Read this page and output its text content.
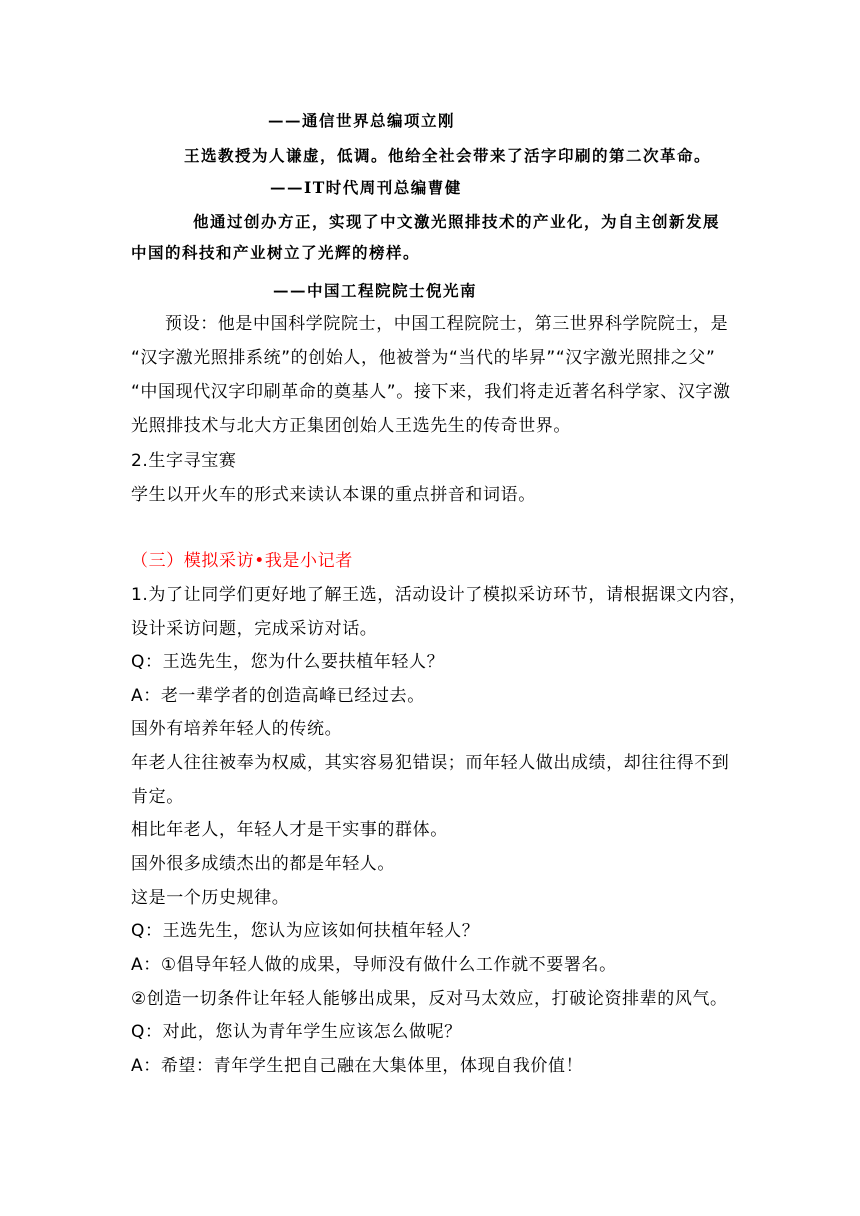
——通信世界总编项立刚
王选教授为人谦虚，低调。他给全社会带来了活字印刷的第二次革命。
——IT时代周刊总编曹健
他通过创办方正，实现了中文激光照排技术的产业化，为自主创新发展
中国的科技和产业树立了光辉的榜样。
——中国工程院院士倪光南
预设：他是中国科学院院士，中国工程院院士，第三世界科学院院士，是
“汉字激光照排系统”的创始人，他被誉为“当代的毕昇”“汉字激光照排之父”
“中国现代汉字印刷革命的奠基人”。接下来，我们将走近著名科学家、汉字激
光照排技术与北大方正集团创始人王选先生的传奇世界。
2.生字寻宝赛
学生以开火车的形式来读认本课的重点拼音和词语。
（三）模拟采访•我是小记者
1.为了让同学们更好地了解王选，活动设计了模拟采访环节，请根据课文内容，
设计采访问题，完成采访对话。
Q：王选先生，您为什么要扶植年轻人？
A：老一辈学者的创造高峰已经过去。
国外有培养年轻人的传统。
年老人往往被奉为权威，其实容易犯错误；而年轻人做出成绩，却往往得不到
肯定。
相比年老人，年轻人才是干实事的群体。
国外很多成绩杰出的都是年轻人。
这是一个历史规律。
Q：王选先生，您认为应该如何扶植年轻人？
A：①倡导年轻人做的成果，导师没有做什么工作就不要署名。
②创造一切条件让年轻人能够出成果，反对马太效应，打破论资排辈的风气。
Q：对此，您认为青年学生应该怎么做呢？
A：希望：青年学生把自己融在大集体里，体现自我价值！
